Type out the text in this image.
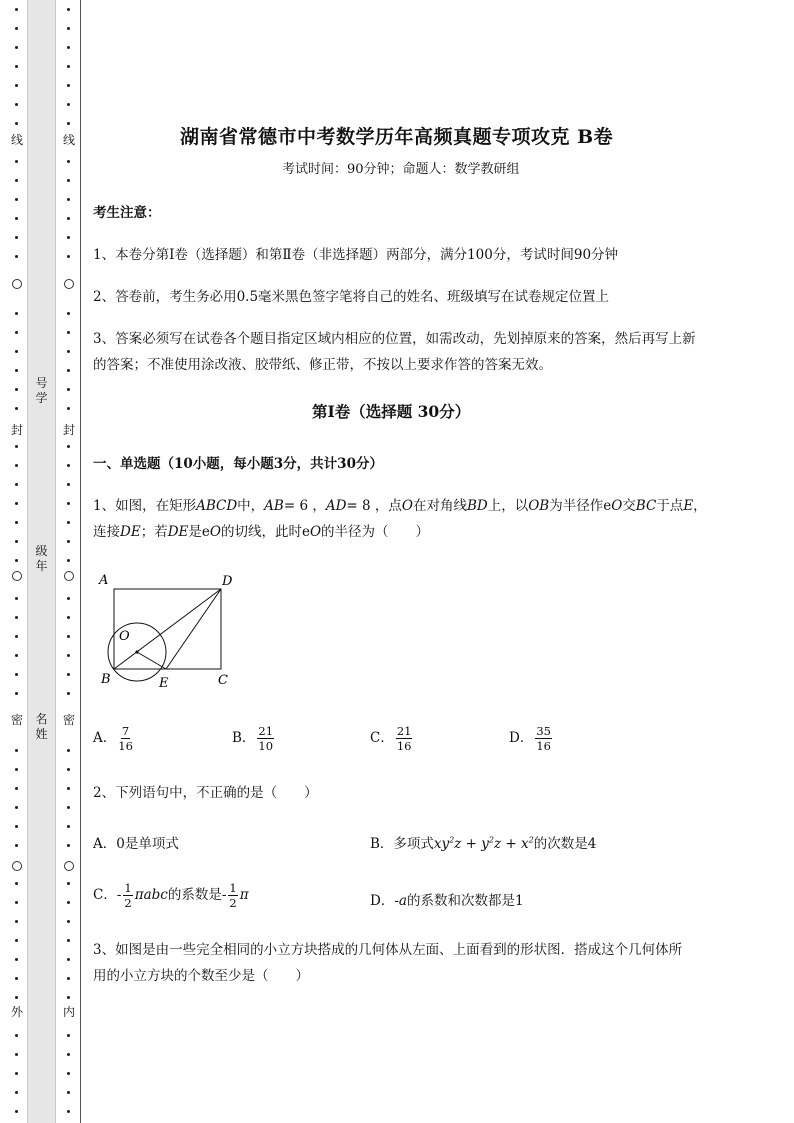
线
封
密
外
号
学
级
年
名
姓
线
封
密
内
湖南省常德市中考数学历年高频真题专项攻克 B卷
考试时间：90分钟；命题人：数学教研组
考生注意：
1、本卷分第I卷（选择题）和第Ⅱ卷（非选择题）两部分，满分100分，考试时间90分钟
2、答卷前，考生务必用0.5毫米黑色签字笔将自己的姓名、班级填写在试卷规定位置上
3、答案必须写在试卷各个题目指定区域内相应的位置，如需改动，先划掉原来的答案，然后再写上新
的答案；不准使用涂改液、胶带纸、修正带，不按以上要求作答的答案无效。
第I卷（选择题 30分）
一、单选题（10小题，每小题3分，共计30分）
1、如图，在矩形ABCD中，AB= 6 ，AD= 8 ，点O在对角线BD上，以OB为半径作eO交BC于点E，
连接DE；若DE是eO的切线，此时eO的半径为（　　）
A	D
O
B	E	C
A． $\frac{7}{16}$	B． $\frac{21}{10}$	C． $\frac{21}{16}$	D． $\frac{35}{16}$
2、下列语句中，不正确的是（　　）
A．0是单项式	B．多项式$xy^2z + y^2z + x^2$的次数是4
C．- $\frac{1}{2}$ πabc的系数是- $\frac{1}{2}$ π	D．-a的系数和次数都是1
3、如图是由一些完全相同的小立方块搭成的几何体从左面、上面看到的形状图．搭成这个几何体所
用的小立方块的个数至少是（　　）
